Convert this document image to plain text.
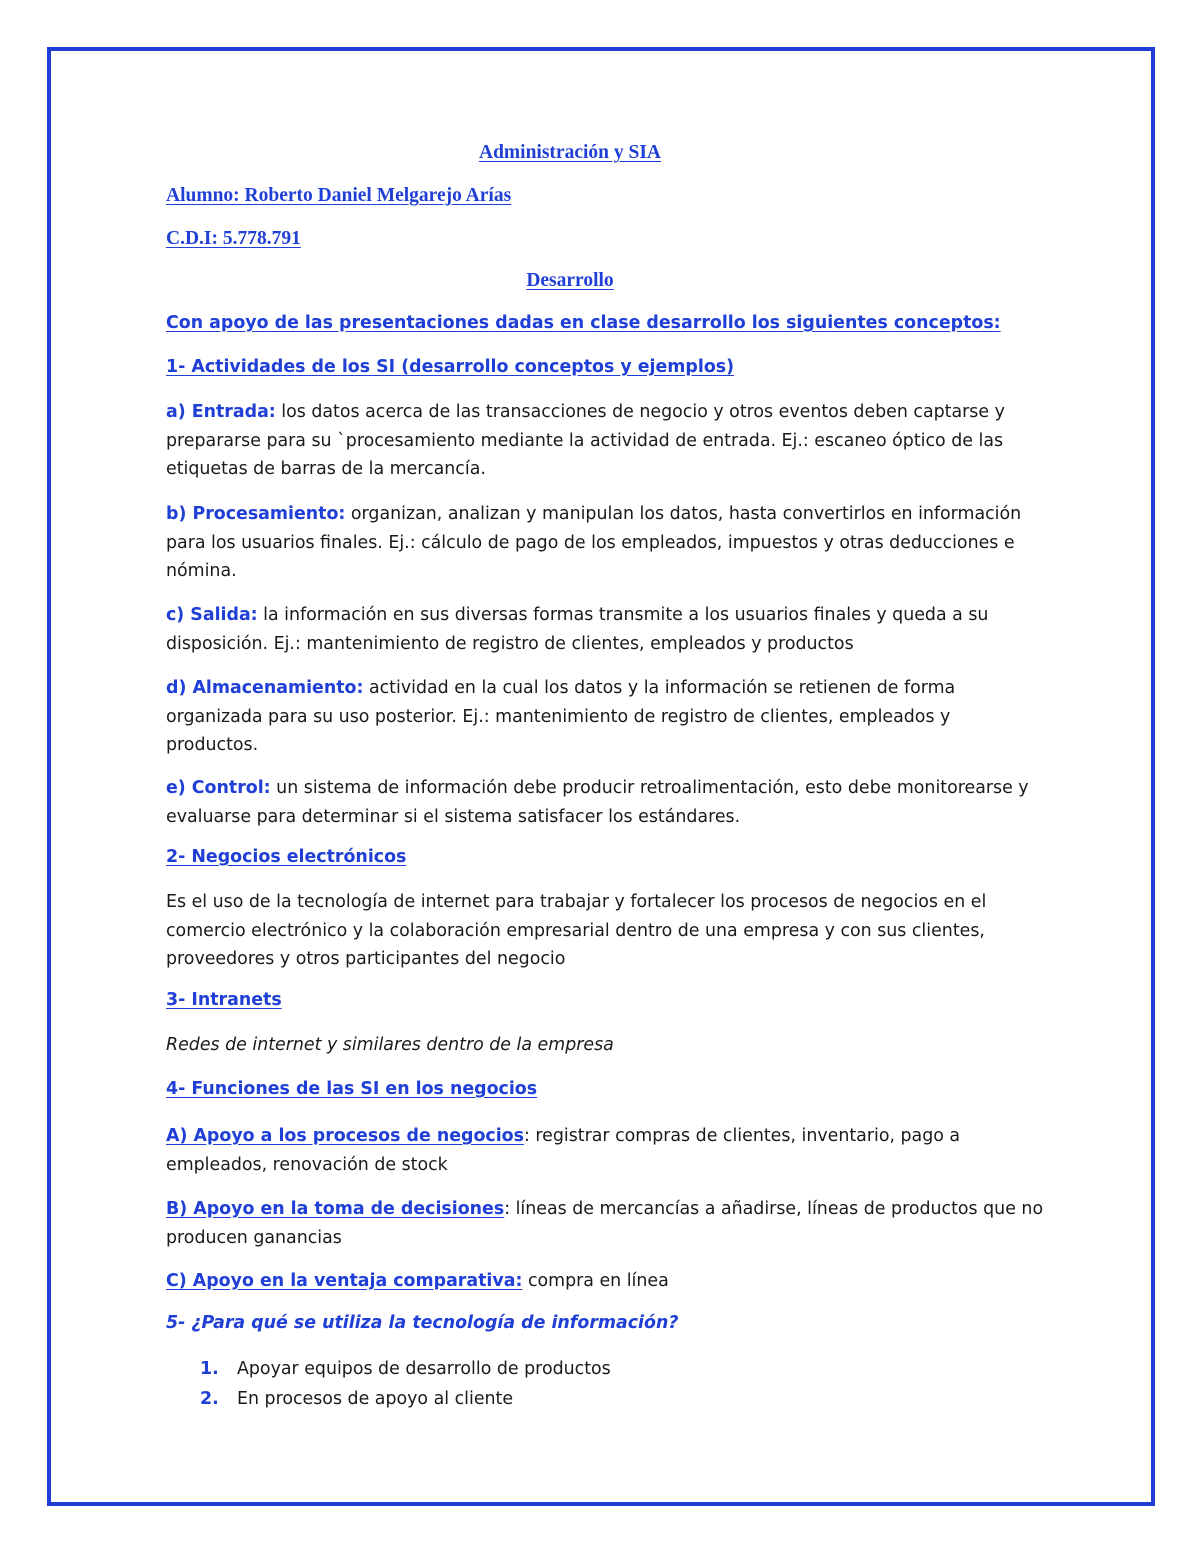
Administración y SIA

Alumno: Roberto Daniel Melgarejo Arías

C.D.I: 5.778.791

Desarrollo

Con apoyo de las presentaciones dadas en clase desarrollo los siguientes conceptos:

1- Actividades de los SI (desarrollo conceptos y ejemplos)

a) Entrada: los datos acerca de las transacciones de negocio y otros eventos deben captarse y prepararse para su `procesamiento mediante la actividad de entrada. Ej.: escaneo óptico de las etiquetas de barras de la mercancía.

b) Procesamiento: organizan, analizan y manipulan los datos, hasta convertirlos en información para los usuarios finales. Ej.: cálculo de pago de los empleados, impuestos y otras deducciones e nómina.

c) Salida: la información en sus diversas formas transmite a los usuarios finales y queda a su disposición. Ej.: mantenimiento de registro de clientes, empleados y productos

d) Almacenamiento: actividad en la cual los datos y la información se retienen de forma organizada para su uso posterior. Ej.: mantenimiento de registro de clientes, empleados y productos.

e) Control: un sistema de información debe producir retroalimentación, esto debe monitorearse y evaluarse para determinar si el sistema satisfacer los estándares.

2- Negocios electrónicos

Es el uso de la tecnología de internet para trabajar y fortalecer los procesos de negocios en el comercio electrónico y la colaboración empresarial dentro de una empresa y con sus clientes, proveedores y otros participantes del negocio

3- Intranets

Redes de internet y similares dentro de la empresa

4- Funciones de las SI en los negocios

A) Apoyo a los procesos de negocios: registrar compras de clientes, inventario, pago a empleados, renovación de stock

B) Apoyo en la toma de decisiones: líneas de mercancías a añadirse, líneas de productos que no producen ganancias

C) Apoyo en la ventaja comparativa: compra en línea

5- ¿Para qué se utiliza la tecnología de información?

1. Apoyar equipos de desarrollo de productos
2. En procesos de apoyo al cliente
